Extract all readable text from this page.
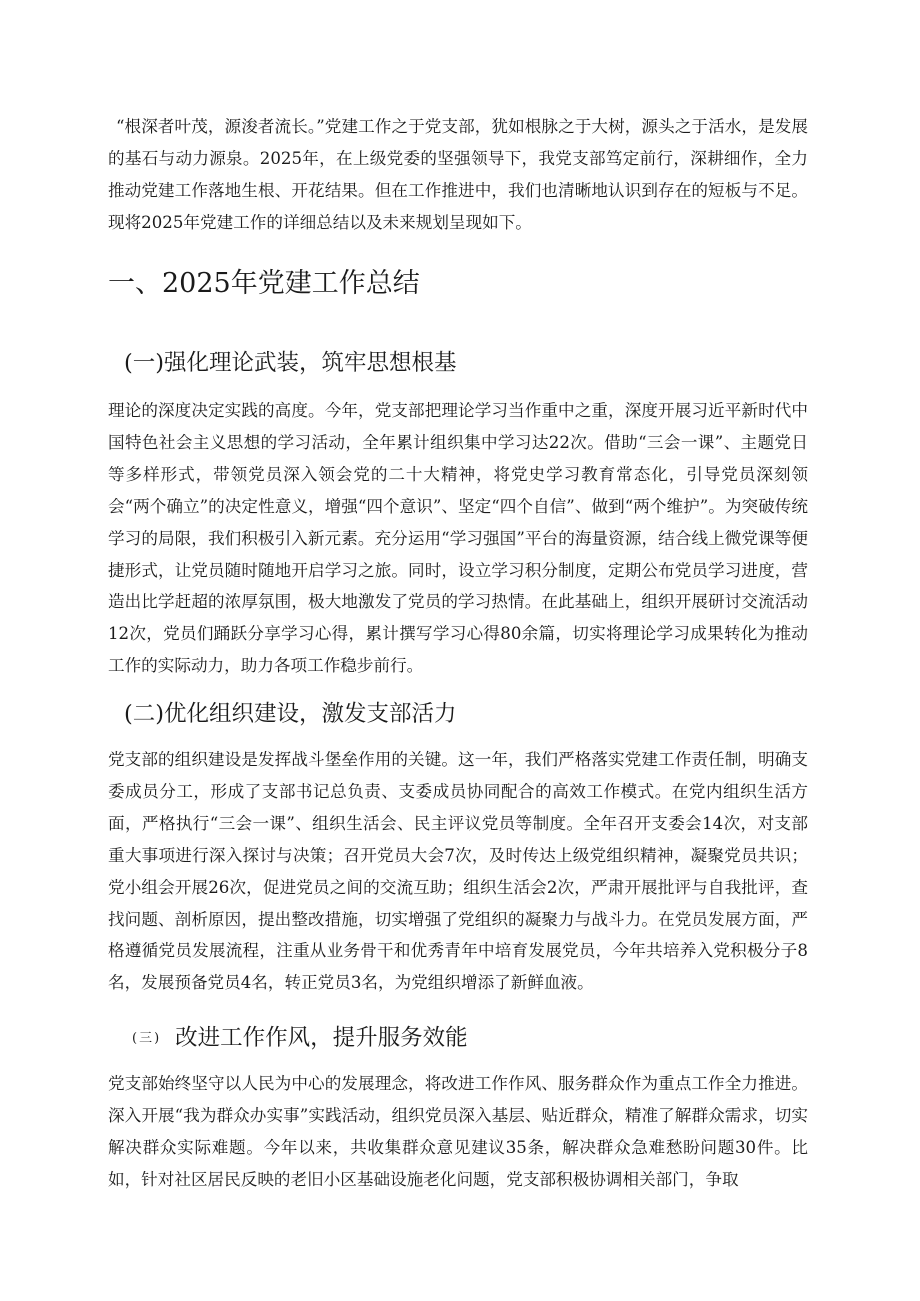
“根深者叶茂，源浚者流长。”党建工作之于党支部，犹如根脉之于大树，源头之于活水，是发展的基石与动力源泉。2025年，在上级党委的坚强领导下，我党支部笃定前行，深耕细作，全力推动党建工作落地生根、开花结果。但在工作推进中，我们也清晰地认识到存在的短板与不足。现将2025年党建工作的详细总结以及未来规划呈现如下。

一、2025年党建工作总结
(一)强化理论武装，筑牢思想根基

理论的深度决定实践的高度。今年，党支部把理论学习当作重中之重，深度开展习近平新时代中国特色社会主义思想的学习活动，全年累计组织集中学习达22次。借助“三会一课”、主题党日等多样形式，带领党员深入领会党的二十大精神，将党史学习教育常态化，引导党员深刻领会“两个确立”的决定性意义，增强“四个意识”、坚定“四个自信”、做到“两个维护”。为突破传统学习的局限，我们积极引入新元素。充分运用“学习强国”平台的海量资源，结合线上微党课等便捷形式，让党员随时随地开启学习之旅。同时，设立学习积分制度，定期公布党员学习进度，营造出比学赶超的浓厚氛围，极大地激发了党员的学习热情。在此基础上，组织开展研讨交流活动12次，党员们踊跃分享学习心得，累计撰写学习心得80余篇，切实将理论学习成果转化为推动工作的实际动力，助力各项工作稳步前行。

(二)优化组织建设，激发支部活力

党支部的组织建设是发挥战斗堡垒作用的关键。这一年，我们严格落实党建工作责任制，明确支委成员分工，形成了支部书记总负责、支委成员协同配合的高效工作模式。在党内组织生活方面，严格执行“三会一课”、组织生活会、民主评议党员等制度。全年召开支委会14次，对支部重大事项进行深入探讨与决策；召开党员大会7次，及时传达上级党组织精神，凝聚党员共识；党小组会开展26次，促进党员之间的交流互助；组织生活会2次，严肃开展批评与自我批评，查找问题、剖析原因，提出整改措施，切实增强了党组织的凝聚力与战斗力。在党员发展方面，严格遵循党员发展流程，注重从业务骨干和优秀青年中培育发展党员，今年共培养入党积极分子8名，发展预备党员4名，转正党员3名，为党组织增添了新鲜血液。

(三) 改进工作作风，提升服务效能

党支部始终坚守以人民为中心的发展理念，将改进工作作风、服务群众作为重点工作全力推进。深入开展“我为群众办实事”实践活动，组织党员深入基层、贴近群众，精准了解群众需求，切实解决群众实际难题。今年以来，共收集群众意见建议35条，解决群众急难愁盼问题30件。比如，针对社区居民反映的老旧小区基础设施老化问题，党支部积极协调相关部门，争取
